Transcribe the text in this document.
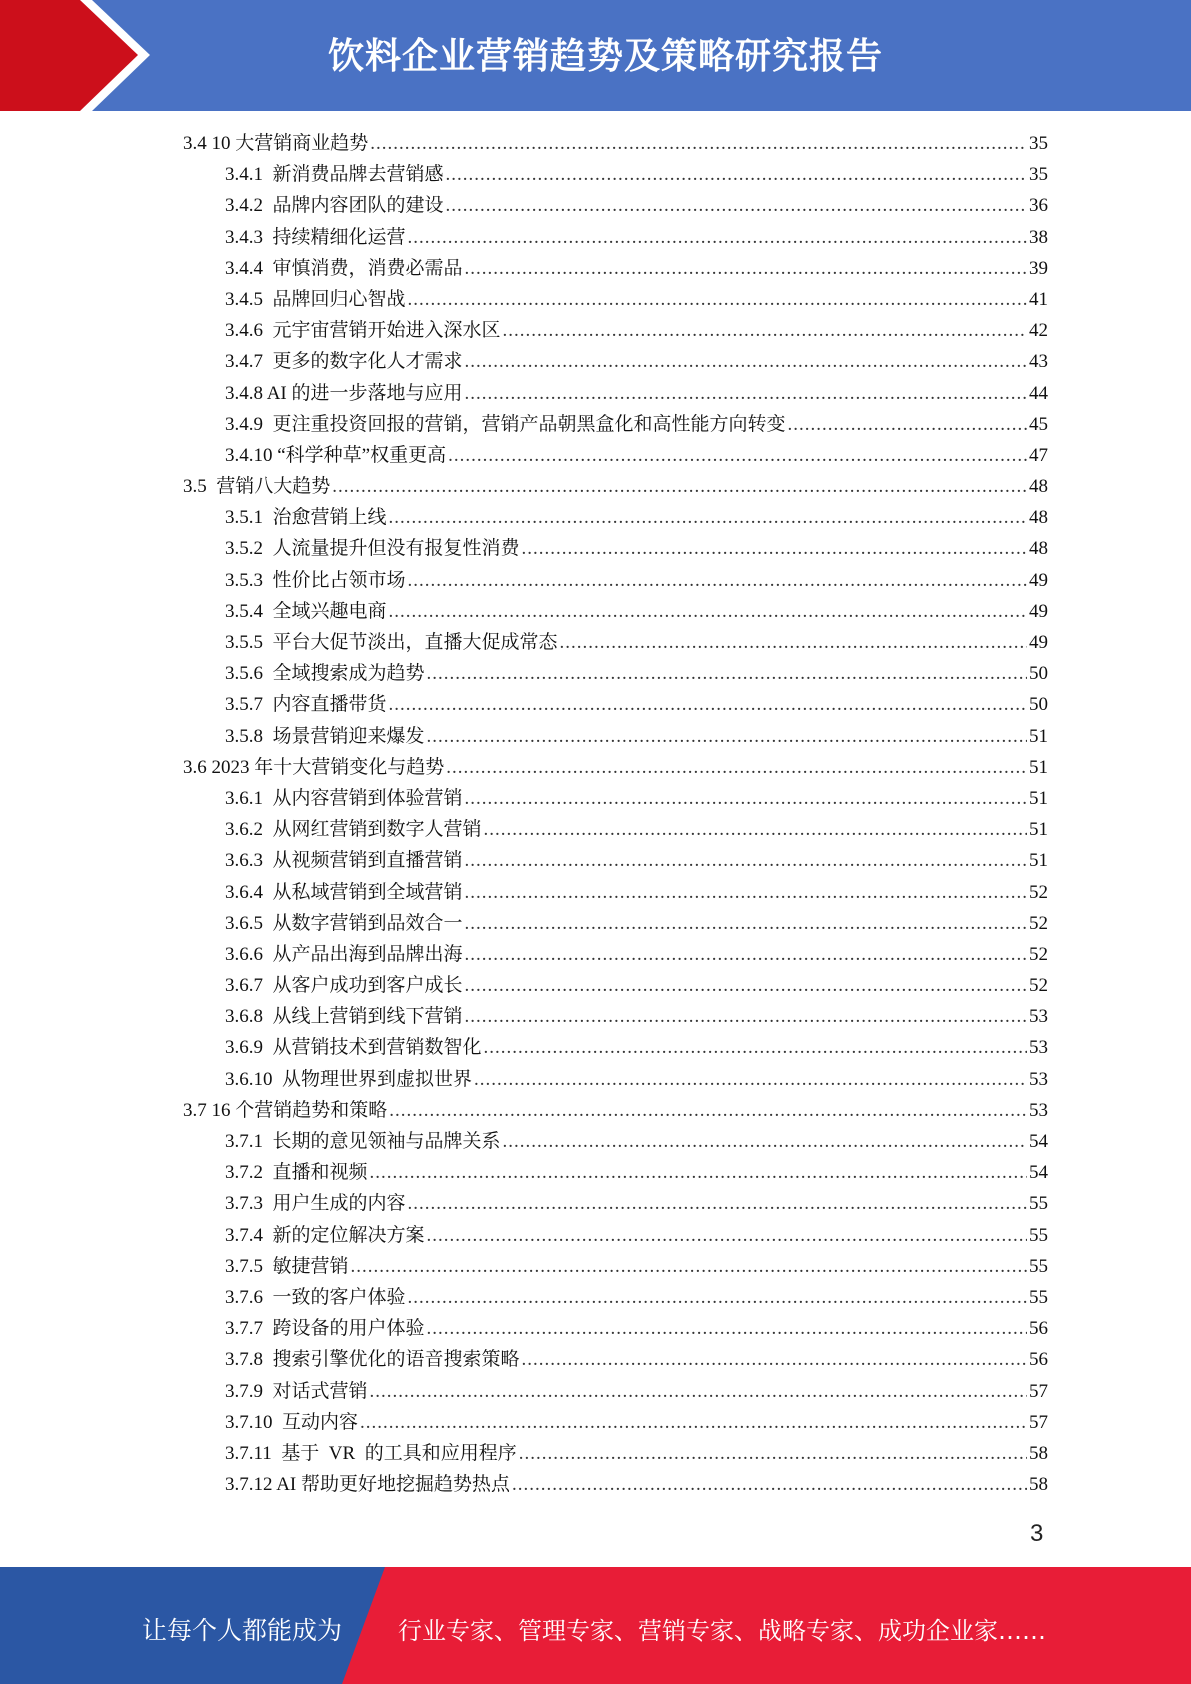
饮料企业营销趋势及策略研究报告
3.4 10 大营销商业趋势 .....	35
3.4.1  新消费品牌去营销感 .....	35
3.4.2  品牌内容团队的建设 .....	36
3.4.3  持续精细化运营 .....	38
3.4.4  审慎消费，消费必需品 .....	39
3.4.5  品牌回归心智战 .....	41
3.4.6  元宇宙营销开始进入深水区 .....	42
3.4.7  更多的数字化人才需求 .....	43
3.4.8 AI 的进一步落地与应用 .....	44
3.4.9  更注重投资回报的营销，营销产品朝黑盒化和高性能方向转变 .....	45
3.4.10 “科学种草”权重更高 .....	47
3.5  营销八大趋势 .....	48
3.5.1  治愈营销上线 .....	48
3.5.2  人流量提升但没有报复性消费 .....	48
3.5.3  性价比占领市场 .....	49
3.5.4  全域兴趣电商 .....	49
3.5.5  平台大促节淡出，直播大促成常态 .....	49
3.5.6  全域搜索成为趋势 .....	50
3.5.7  内容直播带货 .....	50
3.5.8  场景营销迎来爆发 .....	51
3.6 2023 年十大营销变化与趋势 .....	51
3.6.1  从内容营销到体验营销 .....	51
3.6.2  从网红营销到数字人营销 .....	51
3.6.3  从视频营销到直播营销 .....	51
3.6.4  从私域营销到全域营销 .....	52
3.6.5  从数字营销到品效合一 .....	52
3.6.6  从产品出海到品牌出海 .....	52
3.6.7  从客户成功到客户成长 .....	52
3.6.8  从线上营销到线下营销 .....	53
3.6.9  从营销技术到营销数智化 .....	53
3.6.10  从物理世界到虚拟世界 .....	53
3.7 16 个营销趋势和策略 .....	53
3.7.1  长期的意见领袖与品牌关系 .....	54
3.7.2  直播和视频 .....	54
3.7.3  用户生成的内容 .....	55
3.7.4  新的定位解决方案 .....	55
3.7.5  敏捷营销 .....	55
3.7.6  一致的客户体验 .....	55
3.7.7  跨设备的用户体验 .....	56
3.7.8  搜索引擎优化的语音搜索策略 .....	56
3.7.9  对话式营销 .....	57
3.7.10  互动内容 .....	57
3.7.11  基于  VR  的工具和应用程序 .....	58
3.7.12 AI 帮助更好地挖掘趋势热点 .....	58
3
让每个人都能成为 行业专家、管理专家、营销专家、战略专家、成功企业家……
